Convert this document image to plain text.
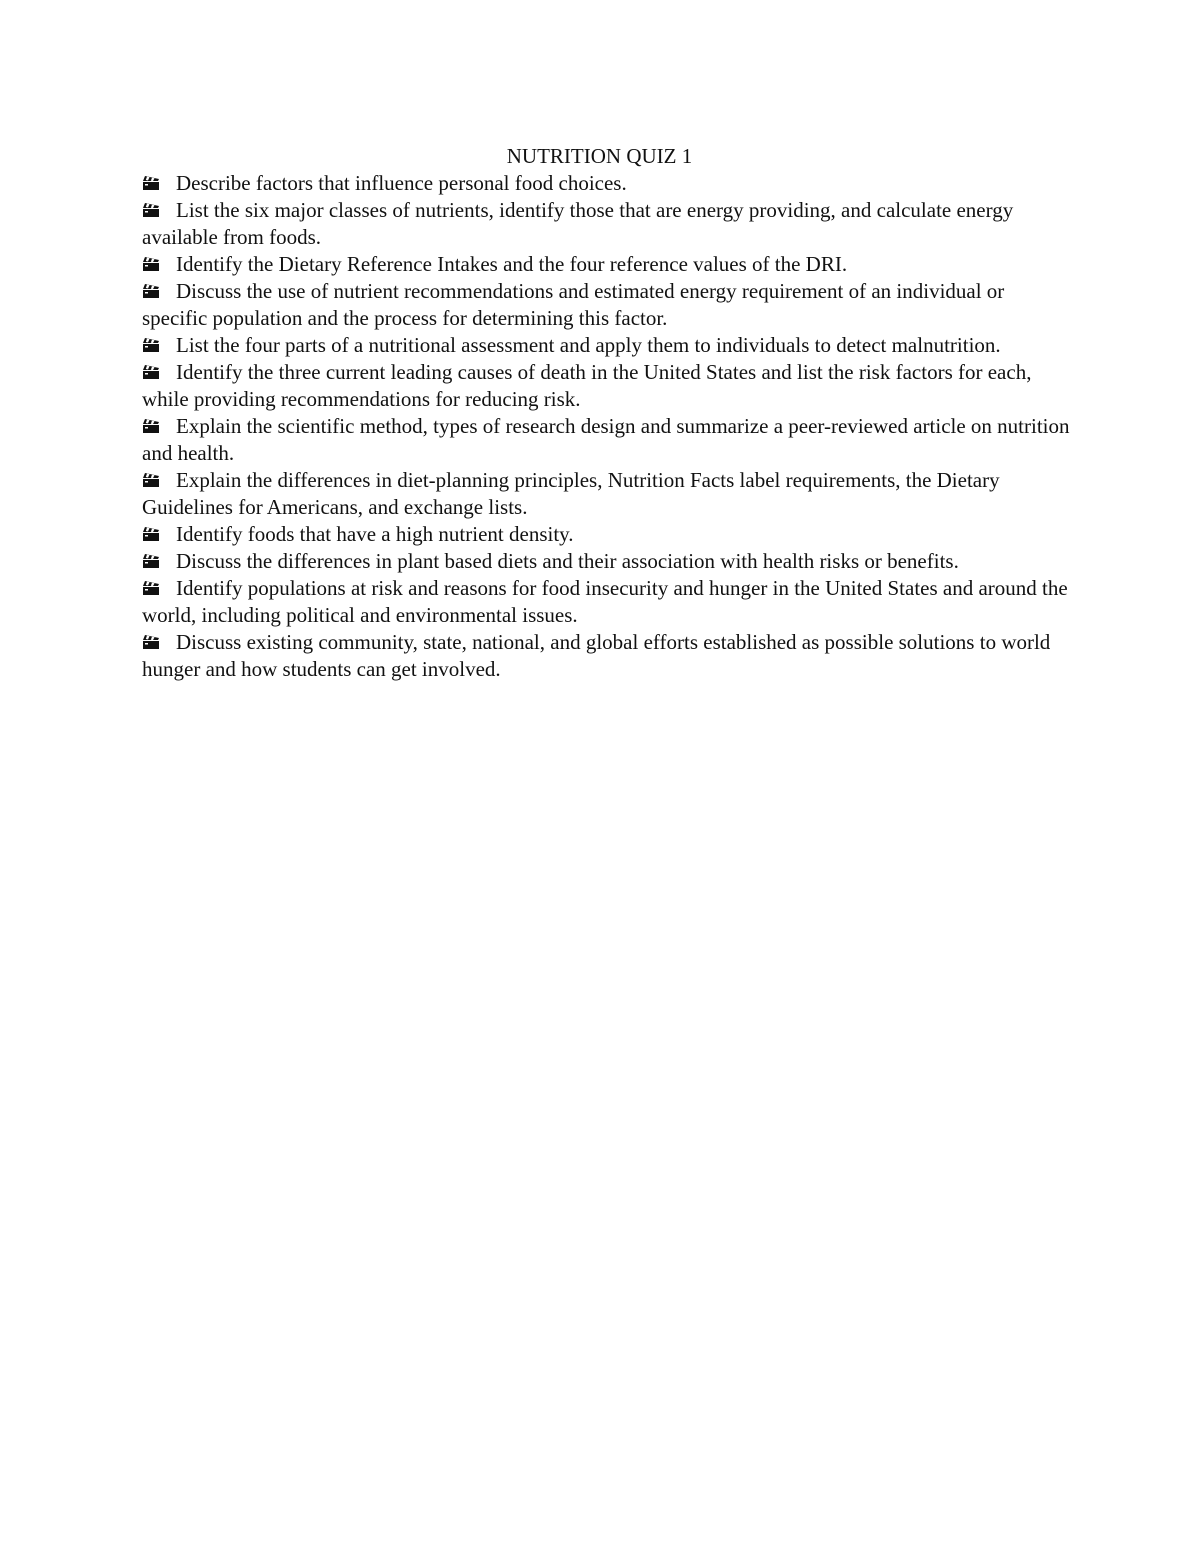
NUTRITION QUIZ 1
Describe factors that influence personal food choices.
List the six major classes of nutrients, identify those that are energy providing, and calculate energy available from foods.
Identify the Dietary Reference Intakes and the four reference values of the DRI.
Discuss the use of nutrient recommendations and estimated energy requirement of an individual or specific population and the process for determining this factor.
List the four parts of a nutritional assessment and apply them to individuals to detect malnutrition.
Identify the three current leading causes of death in the United States and list the risk factors for each, while providing recommendations for reducing risk.
Explain the scientific method, types of research design and summarize a peer-reviewed article on nutrition and health.
Explain the differences in diet-planning principles, Nutrition Facts label requirements, the Dietary Guidelines for Americans, and exchange lists.
Identify foods that have a high nutrient density.
Discuss the differences in plant based diets and their association with health risks or benefits.
Identify populations at risk and reasons for food insecurity and hunger in the United States and around the world, including political and environmental issues.
Discuss existing community, state, national, and global efforts established as possible solutions to world hunger and how students can get involved.
